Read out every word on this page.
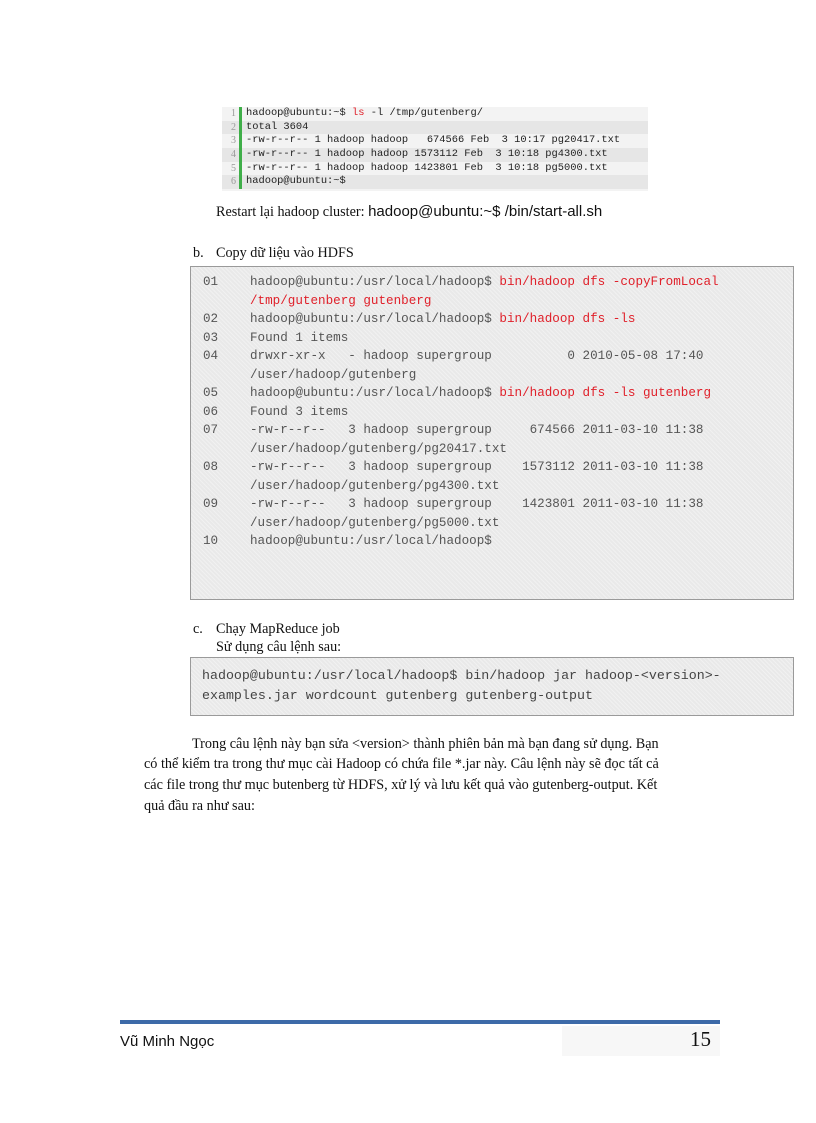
1 hadoop@ubuntu:~$ ls -l /tmp/gutenberg/
2 total 3604
3 -rw-r--r-- 1 hadoop hadoop   674566 Feb  3 10:17 pg20417.txt
4 -rw-r--r-- 1 hadoop hadoop 1573112 Feb  3 10:18 pg4300.txt
5 -rw-r--r-- 1 hadoop hadoop 1423801 Feb  3 10:18 pg5000.txt
6 hadoop@ubuntu:~$
Restart lại hadoop cluster: hadoop@ubuntu:~$ /bin/start-all.sh
b. Copy dữ liệu vào HDFS
01	hadoop@ubuntu:/usr/local/hadoop$ bin/hadoop dfs -copyFromLocal
/tmp/gutenberg gutenberg
02	hadoop@ubuntu:/usr/local/hadoop$ bin/hadoop dfs -ls
03	Found 1 items
04	drwxr-xr-x   - hadoop supergroup          0 2010-05-08 17:40
/user/hadoop/gutenberg
05	hadoop@ubuntu:/usr/local/hadoop$ bin/hadoop dfs -ls gutenberg
06	Found 3 items
07	-rw-r--r--   3 hadoop supergroup     674566 2011-03-10 11:38
/user/hadoop/gutenberg/pg20417.txt
08	-rw-r--r--   3 hadoop supergroup    1573112 2011-03-10 11:38
/user/hadoop/gutenberg/pg4300.txt
09	-rw-r--r--   3 hadoop supergroup    1423801 2011-03-10 11:38
/user/hadoop/gutenberg/pg5000.txt
10	hadoop@ubuntu:/usr/local/hadoop$
c. Chạy MapReduce job
Sử dụng câu lệnh sau:
hadoop@ubuntu:/usr/local/hadoop$ bin/hadoop jar hadoop-<version>-
examples.jar wordcount gutenberg gutenberg-output
Trong câu lệnh này bạn sửa <version> thành phiên bản mà bạn đang sử dụng. Bạn
có thể kiểm tra trong thư mục cài Hadoop có chứa file *.jar này. Câu lệnh này sẽ đọc tất cả
các file trong thư mục butenberg từ HDFS, xử lý và lưu kết quả vào gutenberg-output. Kết
quả đầu ra như sau:
Vũ Minh Ngọc	15
